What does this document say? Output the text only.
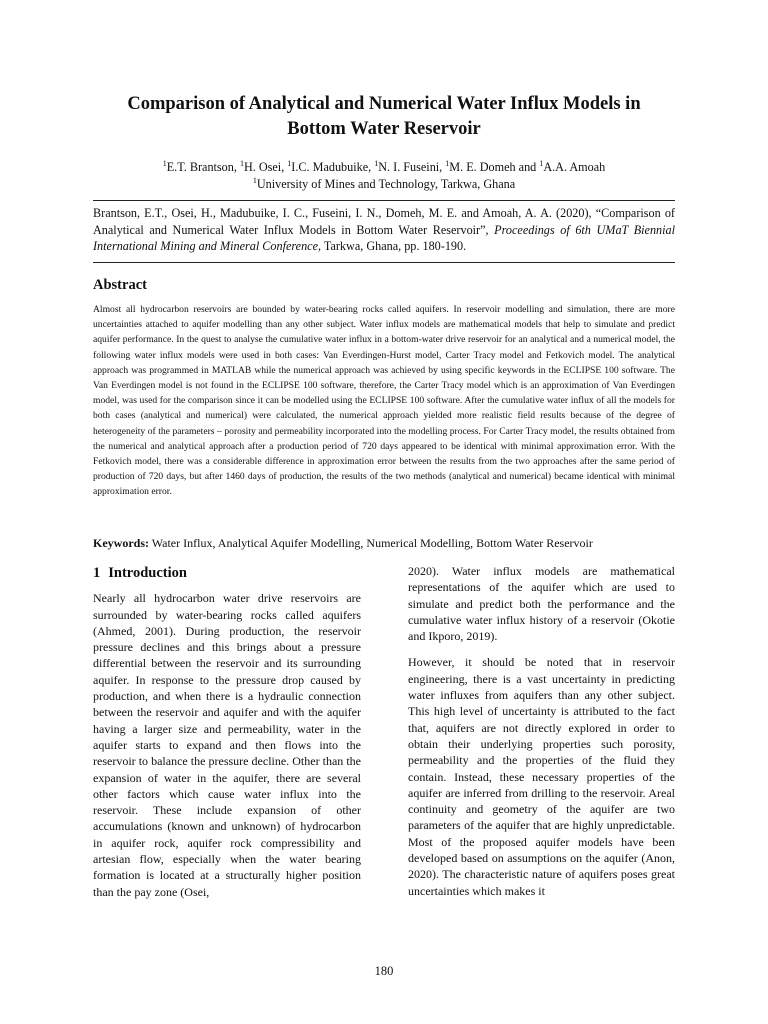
Comparison of Analytical and Numerical Water Influx Models in
Bottom Water Reservoir
$^1$E.T. Brantson, $^1$H. Osei, $^1$I.C. Madubuike, $^1$N. I. Fuseini, $^1$M. E. Domeh and $^1$A.A. Amoah
$^1$University of Mines and Technology, Tarkwa, Ghana
Brantson, E.T., Osei, H., Madubuike, I. C., Fuseini, I. N., Domeh, M. E. and Amoah, A. A. (2020), “Comparison of Analytical and Numerical Water Influx Models in Bottom Water Reservoir”, Proceedings of 6th UMaT Biennial International Mining and Mineral Conference, Tarkwa, Ghana, pp. 180-190.
Abstract
Almost all hydrocarbon reservoirs are bounded by water-bearing rocks called aquifers. In reservoir modelling and simulation, there are more uncertainties attached to aquifer modelling than any other subject. Water influx models are mathematical models that help to simulate and predict aquifer performance. In the quest to analyse the cumulative water influx in a bottom-water drive reservoir for an analytical and a numerical model, the following water influx models were used in both cases: Van Everdingen-Hurst model, Carter Tracy model and Fetkovich model. The analytical approach was programmed in MATLAB while the numerical approach was achieved by using specific keywords in the ECLIPSE 100 software. The Van Everdingen model is not found in the ECLIPSE 100 software, therefore, the Carter Tracy model which is an approximation of Van Everdingen model, was used for the comparison since it can be modelled using the ECLIPSE 100 software. After the cumulative water influx of all the models for both cases (analytical and numerical) were calculated, the numerical approach yielded more realistic field results because of the degree of heterogeneity of the parameters – porosity and permeability incorporated into the modelling process. For Carter Tracy model, the results obtained from the numerical and analytical approach after a production period of 720 days appeared to be identical with minimal approximation error. With the Fetkovich model, there was a considerable difference in approximation error between the results from the two approaches after the same period of production of 720 days, but after 1460 days of production, the results of the two methods (analytical and numerical) became identical with minimal approximation error.
Keywords: Water Influx, Analytical Aquifer Modelling, Numerical Modelling, Bottom Water Reservoir
1 Introduction

Nearly all hydrocarbon water drive reservoirs are surrounded by water-bearing rocks called aquifers (Ahmed, 2001). During production, the reservoir pressure declines and this brings about a pressure differential between the reservoir and its surrounding aquifer. In response to the pressure drop caused by production, and when there is a hydraulic connection between the reservoir and aquifer and with the aquifer having a larger size and permeability, water in the aquifer starts to expand and then flows into the reservoir to balance the pressure decline. Other than the expansion of water in the aquifer, there are several other factors which cause water influx into the reservoir. These include expansion of other accumulations (known and unknown) of hydrocarbon in aquifer rock, aquifer rock compressibility and artesian flow, especially when the water bearing formation is located at a structurally higher position than the pay zone (Osei,

2020). Water influx models are mathematical representations of the aquifer which are used to simulate and predict both the performance and the cumulative water influx history of a reservoir (Okotie and Ikporo, 2019).

However, it should be noted that in reservoir engineering, there is a vast uncertainty in predicting water influxes from aquifers than any other subject. This high level of uncertainty is attributed to the fact that, aquifers are not directly explored in order to obtain their underlying properties such porosity, permeability and the properties of the fluid they contain. Instead, these necessary properties of the aquifer are inferred from drilling to the reservoir. Areal continuity and geometry of the aquifer are two parameters of the aquifer that are highly unpredictable. Most of the proposed aquifer models have been developed based on assumptions on the aquifer (Anon, 2020). The characteristic nature of aquifers poses great uncertainties which makes it

180
